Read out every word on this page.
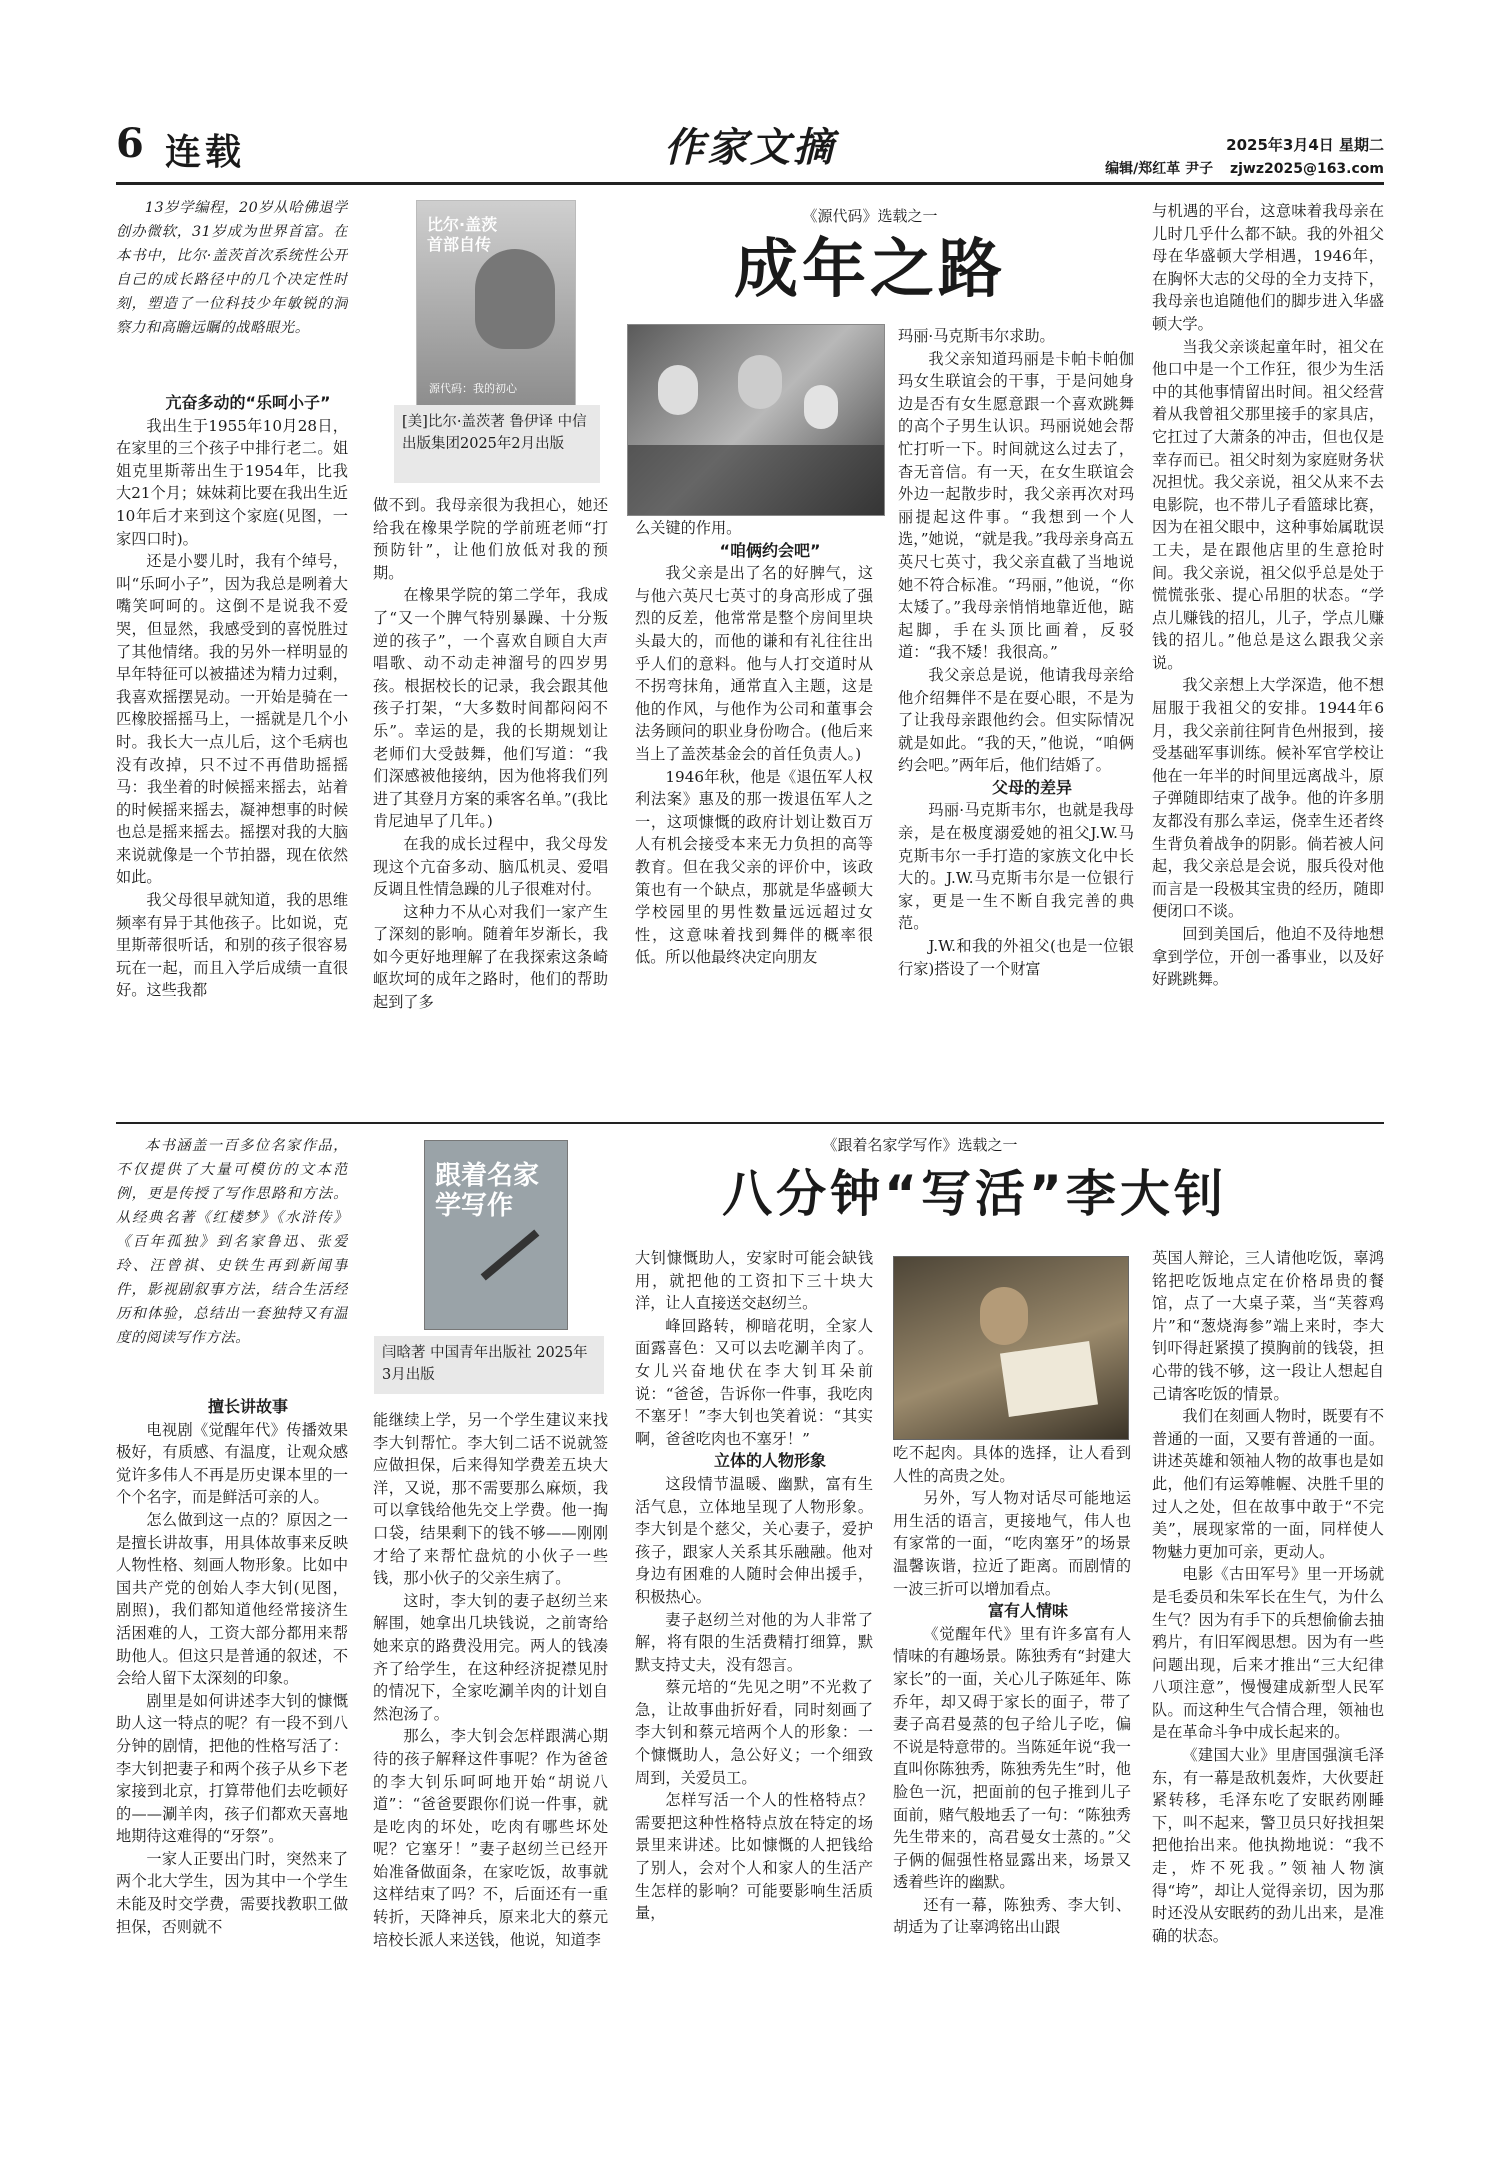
6 连载	作家文摘	2025年3月4日 星期二
编辑/郑红革 尹子 zjwz2025@163.com

13岁学编程，20岁从哈佛退学创办微软，31岁成为世界首富。在本书中，比尔·盖茨首次系统性公开自己的成长路径中的几个决定性时刻，塑造了一位科技少年敏锐的洞察力和高瞻远瞩的战略眼光。

比尔·盖茨
首部自传
源代码：我的初心
[美]比尔·盖茨著 鲁伊译 中信出版集团2025年2月出版
《源代码》选载之一
成年之路

亢奋多动的“乐呵小子”

我出生于1955年10月28日，在家里的三个孩子中排行老二。姐姐克里斯蒂出生于1954年，比我大21个月；妹妹莉比要在我出生近10年后才来到这个家庭(见图，一家四口时)。

还是小婴儿时，我有个绰号，叫“乐呵小子”，因为我总是咧着大嘴笑呵呵的。这倒不是说我不爱哭，但显然，我感受到的喜悦胜过了其他情绪。我的另外一样明显的早年特征可以被描述为精力过剩，我喜欢摇摆晃动。一开始是骑在一匹橡胶摇摇马上，一摇就是几个小时。我长大一点儿后，这个毛病也没有改掉，只不过不再借助摇摇马：我坐着的时候摇来摇去，站着的时候摇来摇去，凝神想事的时候也总是摇来摇去。摇摆对我的大脑来说就像是一个节拍器，现在依然如此。

我父母很早就知道，我的思维频率有异于其他孩子。比如说，克里斯蒂很听话，和别的孩子很容易玩在一起，而且入学后成绩一直很好。这些我都

做不到。我母亲很为我担心，她还给我在橡果学院的学前班老师“打预防针”，让他们放低对我的预期。

在橡果学院的第二学年，我成了“又一个脾气特别暴躁、十分叛逆的孩子”，一个喜欢自顾自大声唱歌、动不动走神溜号的四岁男孩。根据校长的记录，我会跟其他孩子打架，“大多数时间都闷闷不乐”。幸运的是，我的长期规划让老师们大受鼓舞，他们写道：“我们深感被他接纳，因为他将我们列进了其登月方案的乘客名单。”(我比肯尼迪早了几年。)

在我的成长过程中，我父母发现这个亢奋多动、脑瓜机灵、爱唱反调且性情急躁的儿子很难对付。

这种力不从心对我们一家产生了深刻的影响。随着年岁渐长，我如今更好地理解了在我探索这条崎岖坎坷的成年之路时，他们的帮助起到了多

么关键的作用。

“咱俩约会吧”

我父亲是出了名的好脾气，这与他六英尺七英寸的身高形成了强烈的反差，他常常是整个房间里块头最大的，而他的谦和有礼往往出乎人们的意料。他与人打交道时从不拐弯抹角，通常直入主题，这是他的作风，与他作为公司和董事会法务顾问的职业身份吻合。(他后来当上了盖茨基金会的首任负责人。)

1946年秋，他是《退伍军人权利法案》惠及的那一拨退伍军人之一，这项慷慨的政府计划让数百万人有机会接受本来无力负担的高等教育。但在我父亲的评价中，该政策也有一个缺点，那就是华盛顿大学校园里的男性数量远远超过女性，这意味着找到舞伴的概率很低。所以他最终决定向朋友

玛丽·马克斯韦尔求助。

我父亲知道玛丽是卡帕卡帕伽玛女生联谊会的干事，于是问她身边是否有女生愿意跟一个喜欢跳舞的高个子男生认识。玛丽说她会帮忙打听一下。时间就这么过去了，杳无音信。有一天，在女生联谊会外边一起散步时，我父亲再次对玛丽提起这件事。“我想到一个人选，”她说，“就是我。”我母亲身高五英尺七英寸，我父亲直截了当地说她不符合标准。“玛丽，”他说，“你太矮了。”我母亲悄悄地靠近他，踮起脚，手在头顶比画着，反驳道：“我不矮！我很高。”

我父亲总是说，他请我母亲给他介绍舞伴不是在耍心眼，不是为了让我母亲跟他约会。但实际情况就是如此。“我的天，”他说，“咱俩约会吧。”两年后，他们结婚了。

父母的差异

玛丽·马克斯韦尔，也就是我母亲，是在极度溺爱她的祖父J.W.马克斯韦尔一手打造的家族文化中长大的。J.W.马克斯韦尔是一位银行家，更是一生不断自我完善的典范。

J.W.和我的外祖父(也是一位银行家)搭设了一个财富

与机遇的平台，这意味着我母亲在儿时几乎什么都不缺。我的外祖父母在华盛顿大学相遇，1946年，在胸怀大志的父母的全力支持下，我母亲也追随他们的脚步进入华盛顿大学。

当我父亲谈起童年时，祖父在他口中是一个工作狂，很少为生活中的其他事情留出时间。祖父经营着从我曾祖父那里接手的家具店，它扛过了大萧条的冲击，但也仅是幸存而已。祖父时刻为家庭财务状况担忧。我父亲说，祖父从来不去电影院，也不带儿子看篮球比赛，因为在祖父眼中，这种事始属耽误工夫，是在跟他店里的生意抢时间。我父亲说，祖父似乎总是处于慌慌张张、提心吊胆的状态。“学点儿赚钱的招儿，儿子，学点儿赚钱的招儿。”他总是这么跟我父亲说。

我父亲想上大学深造，他不想屈服于我祖父的安排。1944年6月，我父亲前往阿肯色州报到，接受基础军事训练。候补军官学校让他在一年半的时间里远离战斗，原子弹随即结束了战争。他的许多朋友都没有那么幸运，侥幸生还者终生背负着战争的阴影。倘若被人问起，我父亲总是会说，服兵役对他而言是一段极其宝贵的经历，随即便闭口不谈。

回到美国后，他迫不及待地想拿到学位，开创一番事业，以及好好跳跳舞。

本书涵盖一百多位名家作品，不仅提供了大量可模仿的文本范例，更是传授了写作思路和方法。从经典名著《红楼梦》《水浒传》《百年孤独》到名家鲁迅、张爱玲、汪曾祺、史铁生再到新闻事件，影视剧叙事方法，结合生活经历和体验，总结出一套独特又有温度的阅读写作方法。

跟着名家
学写作
闫晗著 中国青年出版社 2025年3月出版
《跟着名家学写作》选载之一
八分钟“写活”李大钊

擅长讲故事

电视剧《觉醒年代》传播效果极好，有质感、有温度，让观众感觉许多伟人不再是历史课本里的一个个名字，而是鲜活可亲的人。

怎么做到这一点的？原因之一是擅长讲故事，用具体故事来反映人物性格、刻画人物形象。比如中国共产党的创始人李大钊(见图，剧照)，我们都知道他经常接济生活困难的人，工资大部分都用来帮助他人。但这只是普通的叙述，不会给人留下太深刻的印象。

剧里是如何讲述李大钊的慷慨助人这一特点的呢？有一段不到八分钟的剧情，把他的性格写活了：李大钊把妻子和两个孩子从乡下老家接到北京，打算带他们去吃顿好的——涮羊肉，孩子们都欢天喜地地期待这难得的“牙祭”。

一家人正要出门时，突然来了两个北大学生，因为其中一个学生未能及时交学费，需要找教职工做担保，否则就不

能继续上学，另一个学生建议来找李大钊帮忙。李大钊二话不说就签应做担保，后来得知学费差五块大洋，又说，那不需要那么麻烦，我可以拿钱给他先交上学费。他一掏口袋，结果剩下的钱不够——刚刚才给了来帮忙盘炕的小伙子一些钱，那小伙子的父亲生病了。

这时，李大钊的妻子赵纫兰来解围，她拿出几块钱说，之前寄给她来京的路费没用完。两人的钱凑齐了给学生，在这种经济捉襟见肘的情况下，全家吃涮羊肉的计划自然泡汤了。

那么，李大钊会怎样跟满心期待的孩子解释这件事呢？作为爸爸的李大钊乐呵呵地开始“胡说八道”：“爸爸要跟你们说一件事，就是吃肉的坏处，吃肉有哪些坏处呢？它塞牙！”妻子赵纫兰已经开始准备做面条，在家吃饭，故事就这样结束了吗？不，后面还有一重转折，天降神兵，原来北大的蔡元培校长派人来送钱，他说，知道李

大钊慷慨助人，安家时可能会缺钱用，就把他的工资扣下三十块大洋，让人直接送交赵纫兰。

峰回路转，柳暗花明，全家人面露喜色：又可以去吃涮羊肉了。女儿兴奋地伏在李大钊耳朵前说：“爸爸，告诉你一件事，我吃肉不塞牙！”李大钊也笑着说：“其实啊，爸爸吃肉也不塞牙！”

立体的人物形象

这段情节温暖、幽默，富有生活气息，立体地呈现了人物形象。李大钊是个慈父，关心妻子，爱护孩子，跟家人关系其乐融融。他对身边有困难的人随时会伸出援手，积极热心。

妻子赵纫兰对他的为人非常了解，将有限的生活费精打细算，默默支持丈夫，没有怨言。

蔡元培的“先见之明”不光救了急，让故事曲折好看，同时刻画了李大钊和蔡元培两个人的形象：一个慷慨助人，急公好义；一个细致周到，关爱员工。

怎样写活一个人的性格特点？需要把这种性格特点放在特定的场景里来讲述。比如慷慨的人把钱给了别人，会对个人和家人的生活产生怎样的影响？可能要影响生活质量，

吃不起肉。具体的选择，让人看到人性的高贵之处。

另外，写人物对话尽可能地运用生活的语言，更接地气，伟人也有家常的一面，“吃肉塞牙”的场景温馨诙谐，拉近了距离。而剧情的一波三折可以增加看点。

富有人情味

《觉醒年代》里有许多富有人情味的有趣场景。陈独秀有“封建大家长”的一面，关心儿子陈延年、陈乔年，却又碍于家长的面子，带了妻子高君曼蒸的包子给儿子吃，偏不说是特意带的。当陈延年说“我一直叫你陈独秀，陈独秀先生”时，他脸色一沉，把面前的包子推到儿子面前，赌气般地丢了一句：“陈独秀先生带来的，高君曼女士蒸的。”父子俩的倔强性格显露出来，场景又透着些许的幽默。

还有一幕，陈独秀、李大钊、胡适为了让辜鸿铭出山跟

英国人辩论，三人请他吃饭，辜鸿铭把吃饭地点定在价格昂贵的餐馆，点了一大桌子菜，当“芙蓉鸡片”和“葱烧海参”端上来时，李大钊吓得赶紧摸了摸胸前的钱袋，担心带的钱不够，这一段让人想起自己请客吃饭的情景。

我们在刻画人物时，既要有不普通的一面，又要有普通的一面。讲述英雄和领袖人物的故事也是如此，他们有运筹帷幄、决胜千里的过人之处，但在故事中敢于“不完美”，展现家常的一面，同样使人物魅力更加可亲，更动人。

电影《古田军号》里一开场就是毛委员和朱军长在生气，为什么生气？因为有手下的兵想偷偷去抽鸦片，有旧军阀思想。因为有一些问题出现，后来才推出“三大纪律八项注意”，慢慢建成新型人民军队。而这种生气合情合理，领袖也是在革命斗争中成长起来的。

《建国大业》里唐国强演毛泽东，有一幕是敌机轰炸，大伙要赶紧转移，毛泽东吃了安眠药刚睡下，叫不起来，警卫员只好找担架把他抬出来。他执拗地说：“我不走，炸不死我。”领袖人物演得“垮”，却让人觉得亲切，因为那时还没从安眠药的劲儿出来，是准确的状态。
